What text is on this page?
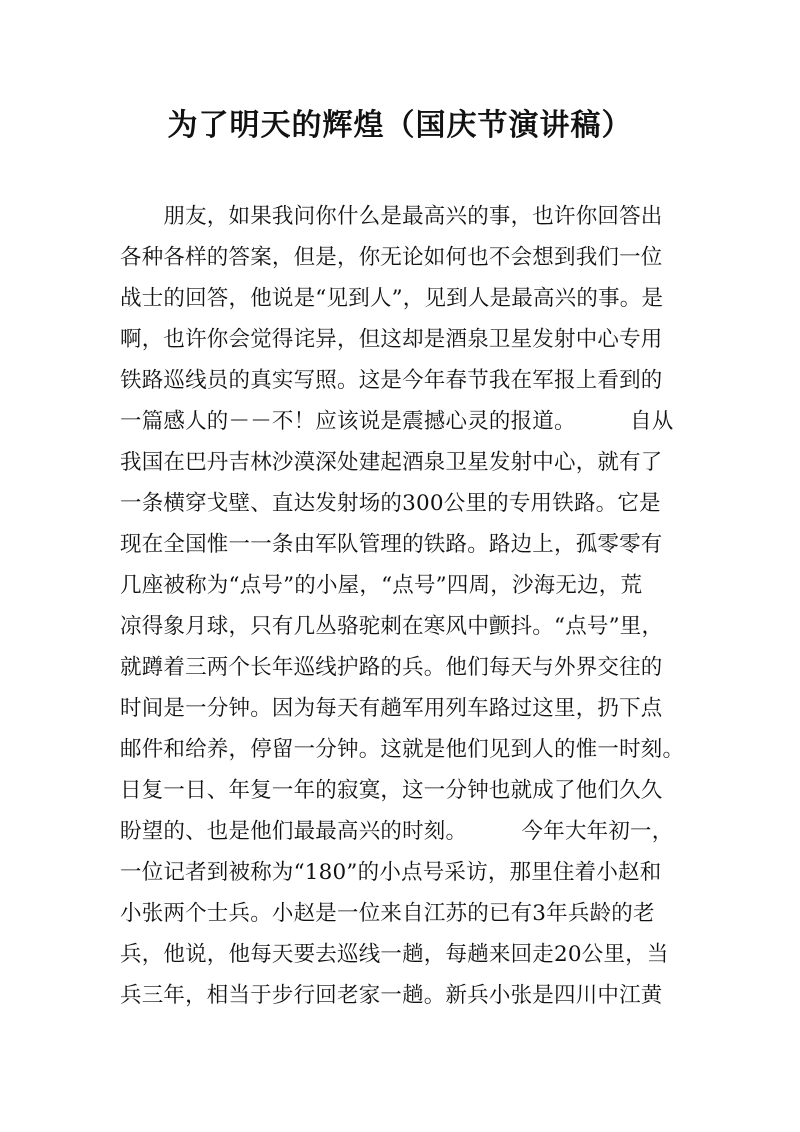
为了明天的辉煌（国庆节演讲稿）
　　朋友，如果我问你什么是最高兴的事，也许你回答出
各种各样的答案，但是，你无论如何也不会想到我们一位
战士的回答，他说是“见到人”，见到人是最高兴的事。是
啊，也许你会觉得诧异，但这却是酒泉卫星发射中心专用
铁路巡线员的真实写照。这是今年春节我在军报上看到的
一篇感人的－－不！应该说是震撼心灵的报道。　　　自从
我国在巴丹吉林沙漠深处建起酒泉卫星发射中心，就有了
一条横穿戈壁、直达发射场的300公里的专用铁路。它是
现在全国惟一一条由军队管理的铁路。路边上，孤零零有
几座被称为“点号”的小屋，“点号”四周，沙海无边，荒
凉得象月球，只有几丛骆驼刺在寒风中颤抖。“点号”里，
就蹲着三两个长年巡线护路的兵。他们每天与外界交往的
时间是一分钟。因为每天有趟军用列车路过这里，扔下点
邮件和给养，停留一分钟。这就是他们见到人的惟一时刻。
日复一日、年复一年的寂寞，这一分钟也就成了他们久久
盼望的、也是他们最最高兴的时刻。　　　今年大年初一，
一位记者到被称为“180”的小点号采访，那里住着小赵和
小张两个士兵。小赵是一位来自江苏的已有3年兵龄的老
兵，他说，他每天要去巡线一趟，每趟来回走20公里，当
兵三年，相当于步行回老家一趟。新兵小张是四川中江黄
